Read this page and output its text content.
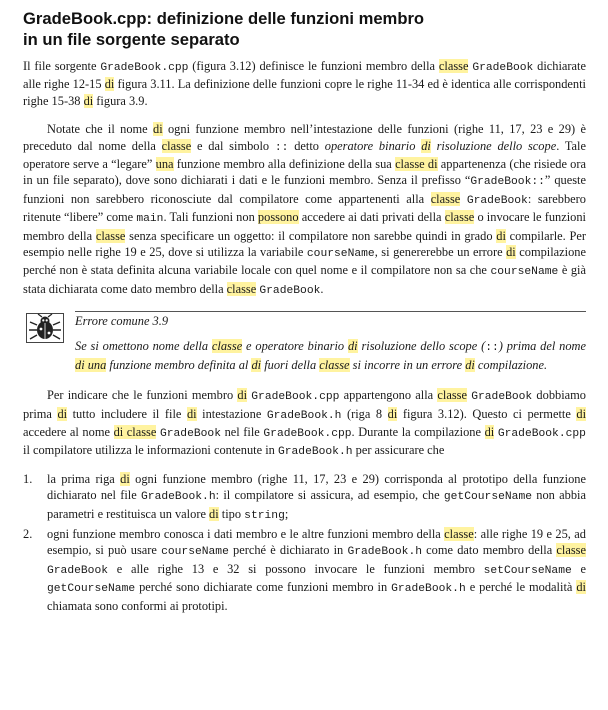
GradeBook.cpp: definizione delle funzioni membro
in un file sorgente separato

Il file sorgente GradeBook.cpp (figura 3.12) definisce le funzioni membro della classe GradeBook dichiarate alle righe 12-15 di figura 3.11. La definizione delle funzioni copre le righe 11-34 ed è identica alle corrispondenti righe 15-38 di figura 3.9.

Notate che il nome di ogni funzione membro nell’intestazione delle funzioni (righe 11, 17, 23 e 29) è preceduto dal nome della classe e dal simbolo :: detto operatore binario di risoluzione dello scope. Tale operatore serve a “legare” una funzione membro alla definizione della sua classe di appartenenza (che risiede ora in un file separato), dove sono dichiarati i dati e le funzioni membro. Senza il prefisso “GradeBook::” queste funzioni non sarebbero riconosciute dal compilatore come appartenenti alla classe GradeBook: sarebbero ritenute “libere” come main. Tali funzioni non possono accedere ai dati privati della classe o invocare le funzioni membro della classe senza specificare un oggetto: il compilatore non sarebbe quindi in grado di compilarle. Per esempio nelle righe 19 e 25, dove si utilizza la variabile courseName, si genererebbe un errore di compilazione perché non è stata definita alcuna variabile locale con quel nome e il compilatore non sa che courseName è già stata dichiarata come dato membro della classe GradeBook.

Errore comune 3.9

Se si omettono nome della classe e operatore binario di risoluzione dello scope (::) prima del nome di una funzione membro definita al di fuori della classe si incorre in un errore di compilazione.

Per indicare che le funzioni membro di GradeBook.cpp appartengono alla classe GradeBook dobbiamo prima di tutto includere il file di intestazione GradeBook.h (riga 8 di figura 3.12). Questo ci permette di accedere al nome di classe GradeBook nel file GradeBook.cpp. Durante la compilazione di GradeBook.cpp il compilatore utilizza le informazioni contenute in GradeBook.h per assicurare che

1. la prima riga di ogni funzione membro (righe 11, 17, 23 e 29) corrisponda al prototipo della funzione dichiarato nel file GradeBook.h: il compilatore si assicura, ad esempio, che getCourseName non abbia parametri e restituisca un valore di tipo string;
2. ogni funzione membro conosca i dati membro e le altre funzioni membro della classe: alle righe 19 e 25, ad esempio, si può usare courseName perché è dichiarato in GradeBook.h come dato membro della classe GradeBook e alle righe 13 e 32 si possono invocare le funzioni membro setCourseName e getCourseName perché sono dichiarate come funzioni membro in GradeBook.h e perché le modalità di chiamata sono conformi ai prototipi.
